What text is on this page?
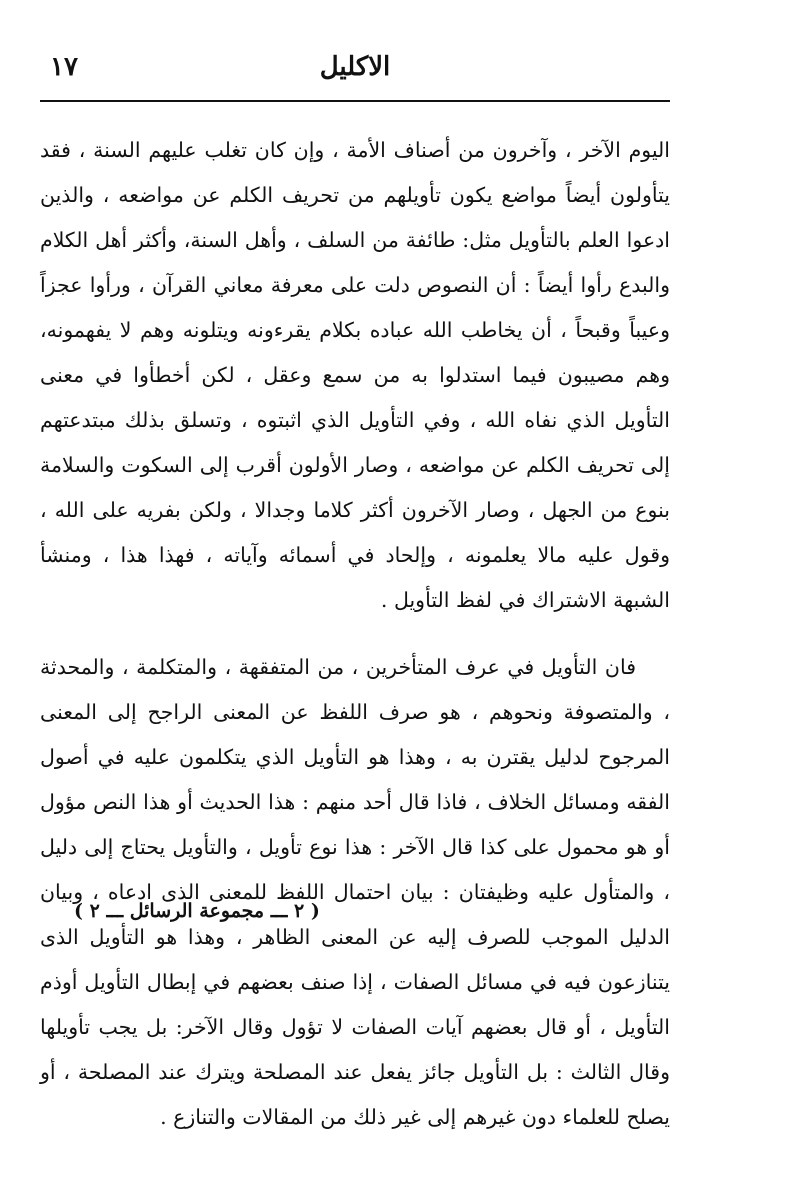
الاكليل
١٧

اليوم الآخر ، وآخرون من أصناف الأمة ، وإن كان تغلب عليهم السنة ، فقد يتأولون أيضاً مواضع يكون تأويلهم من تحريف الكلم عن مواضعه ، والذين ادعوا العلم بالتأويل مثل: طائفة من السلف ، وأهل السنة، وأكثر أهل الكلام والبدع رأوا أيضاً : أن النصوص دلت على معرفة معاني القرآن ، ورأوا عجزاً وعيباً وقبحاً ، أن يخاطب الله عباده بكلام يقرءونه ويتلونه وهم لا يفهمونه، وهم مصيبون فيما استدلوا به من سمع وعقل ، لكن أخطأوا في معنى التأويل الذي نفاه الله ، وفي التأويل الذي اثبتوه ، وتسلق بذلك مبتدعتهم إلى تحريف الكلم عن مواضعه ، وصار الأولون أقرب إلى السكوت والسلامة بنوع من الجهل ، وصار الآخرون أكثر كلاما وجدالا ، ولكن بفريه على الله ، وقول عليه مالا يعلمونه ، وإلحاد في أسمائه وآياته ، فهذا هذا ، ومنشأ الشبهة الاشتراك في لفظ التأويل .

فان التأويل في عرف المتأخرين ، من المتفقهة ، والمتكلمة ، والمحدثة ، والمتصوفة ونحوهم ، هو صرف اللفظ عن المعنى الراجح إلى المعنى المرجوح لدليل يقترن به ، وهذا هو التأويل الذي يتكلمون عليه في أصول الفقه ومسائل الخلاف ، فاذا قال أحد منهم : هذا الحديث أو هذا النص مؤول أو هو محمول على كذا قال الآخر : هذا نوع تأويل ، والتأويل يحتاج إلى دليل ، والمتأول عليه وظيفتان : بيان احتمال اللفظ للمعنى الذى ادعاه ، وبيان الدليل الموجب للصرف إليه عن المعنى الظاهر ، وهذا هو التأويل الذى يتنازعون فيه في مسائل الصفات ، إذا صنف بعضهم في إبطال التأويل أوذم التأويل ، أو قال بعضهم آيات الصفات لا تؤول وقال الآخر: بل يجب تأويلها وقال الثالث : بل التأويل جائز يفعل عند المصلحة ويترك عند المصلحة ، أو يصلح للعلماء دون غيرهم إلى غير ذلك من المقالات والتنازع .

( ٢ ـــ مجموعة الرسائل ـــ ٢ )
